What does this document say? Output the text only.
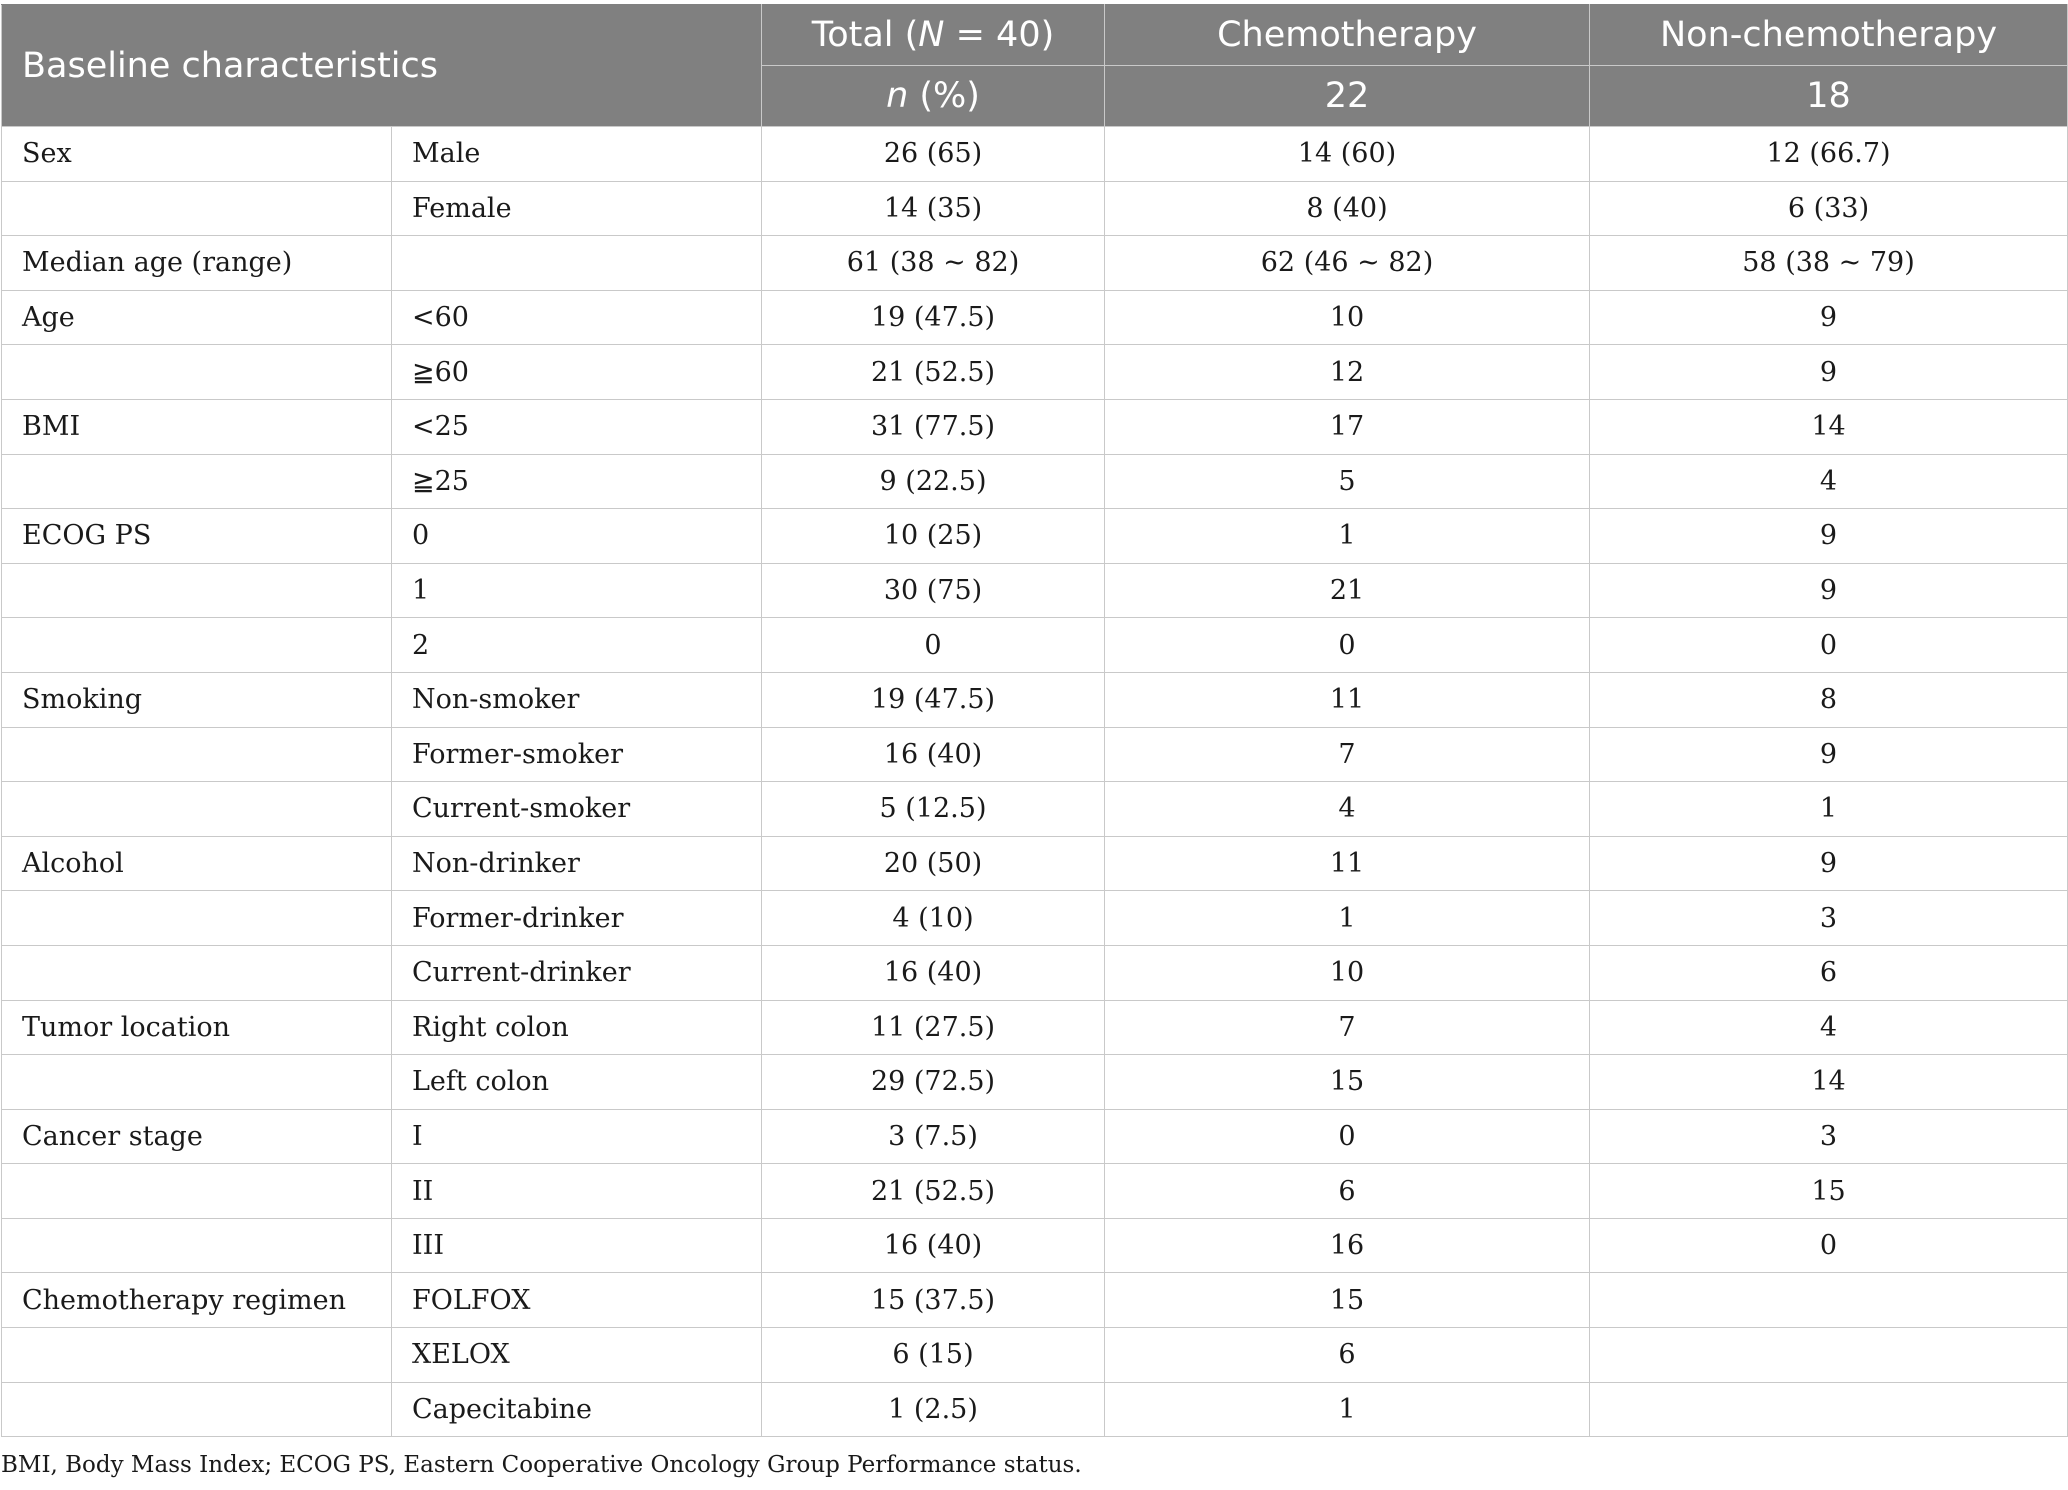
Baseline characteristics		Total (N = 40)	Chemotherapy	Non-chemotherapy
		n (%)	22	18
Sex	Male	26 (65)	14 (60)	12 (66.7)
	Female	14 (35)	8 (40)	6 (33)
Median age (range)		61 (38 ~ 82)	62 (46 ~ 82)	58 (38 ~ 79)
Age	<60	19 (47.5)	10	9
	≧60	21 (52.5)	12	9
BMI	<25	31 (77.5)	17	14
	≧25	9 (22.5)	5	4
ECOG PS	0	10 (25)	1	9
	1	30 (75)	21	9
	2	0	0	0
Smoking	Non-smoker	19 (47.5)	11	8
	Former-smoker	16 (40)	7	9
	Current-smoker	5 (12.5)	4	1
Alcohol	Non-drinker	20 (50)	11	9
	Former-drinker	4 (10)	1	3
	Current-drinker	16 (40)	10	6
Tumor location	Right colon	11 (27.5)	7	4
	Left colon	29 (72.5)	15	14
Cancer stage	I	3 (7.5)	0	3
	II	21 (52.5)	6	15
	III	16 (40)	16	0
Chemotherapy regimen	FOLFOX	15 (37.5)	15	
	XELOX	6 (15)	6	
	Capecitabine	1 (2.5)	1	
BMI, Body Mass Index; ECOG PS, Eastern Cooperative Oncology Group Performance status.
